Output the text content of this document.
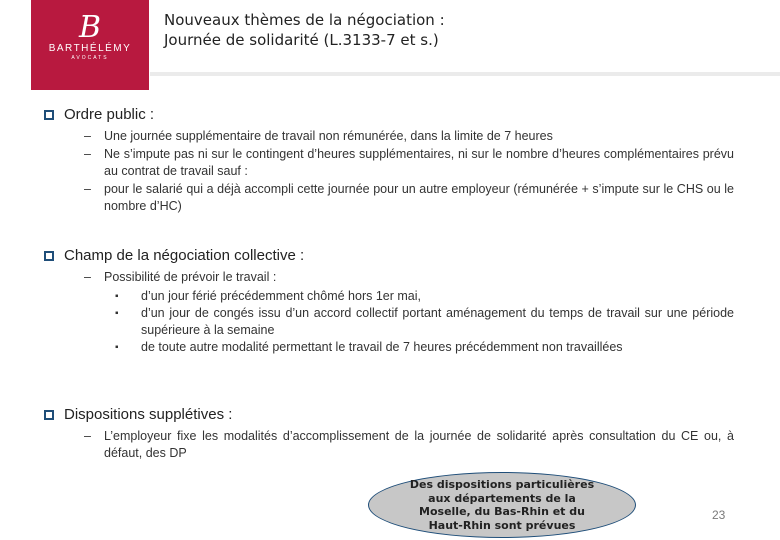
B
BARTHÉLÉMY
AVOCATS
Nouveaux thèmes de la négociation :
Journée de solidarité (L.3133-7 et s.)
Ordre public :
– Une journée supplémentaire de travail non rémunérée, dans la limite de 7 heures
– Ne s’impute pas ni sur le contingent d’heures supplémentaires, ni sur le nombre d’heures complémentaires prévu au contrat de travail sauf :
– pour le salarié qui a déjà accompli cette journée pour un autre employeur (rémunérée + s’impute sur le CHS ou le nombre d’HC)
Champ de la négociation collective :
– Possibilité de prévoir le travail :
▪ d’un jour férié précédemment chômé hors 1er mai,
▪ d’un jour de congés issu d’un accord collectif portant aménagement du temps de travail sur une période supérieure à la semaine
▪ de toute autre modalité permettant le travail de 7 heures précédemment non travaillées
Dispositions supplétives :
– L’employeur fixe les modalités d’accomplissement de la journée de solidarité après consultation du CE ou, à défaut, des DP
Des dispositions particulières aux départements de la Moselle, du Bas-Rhin et du Haut-Rhin sont prévues
23
